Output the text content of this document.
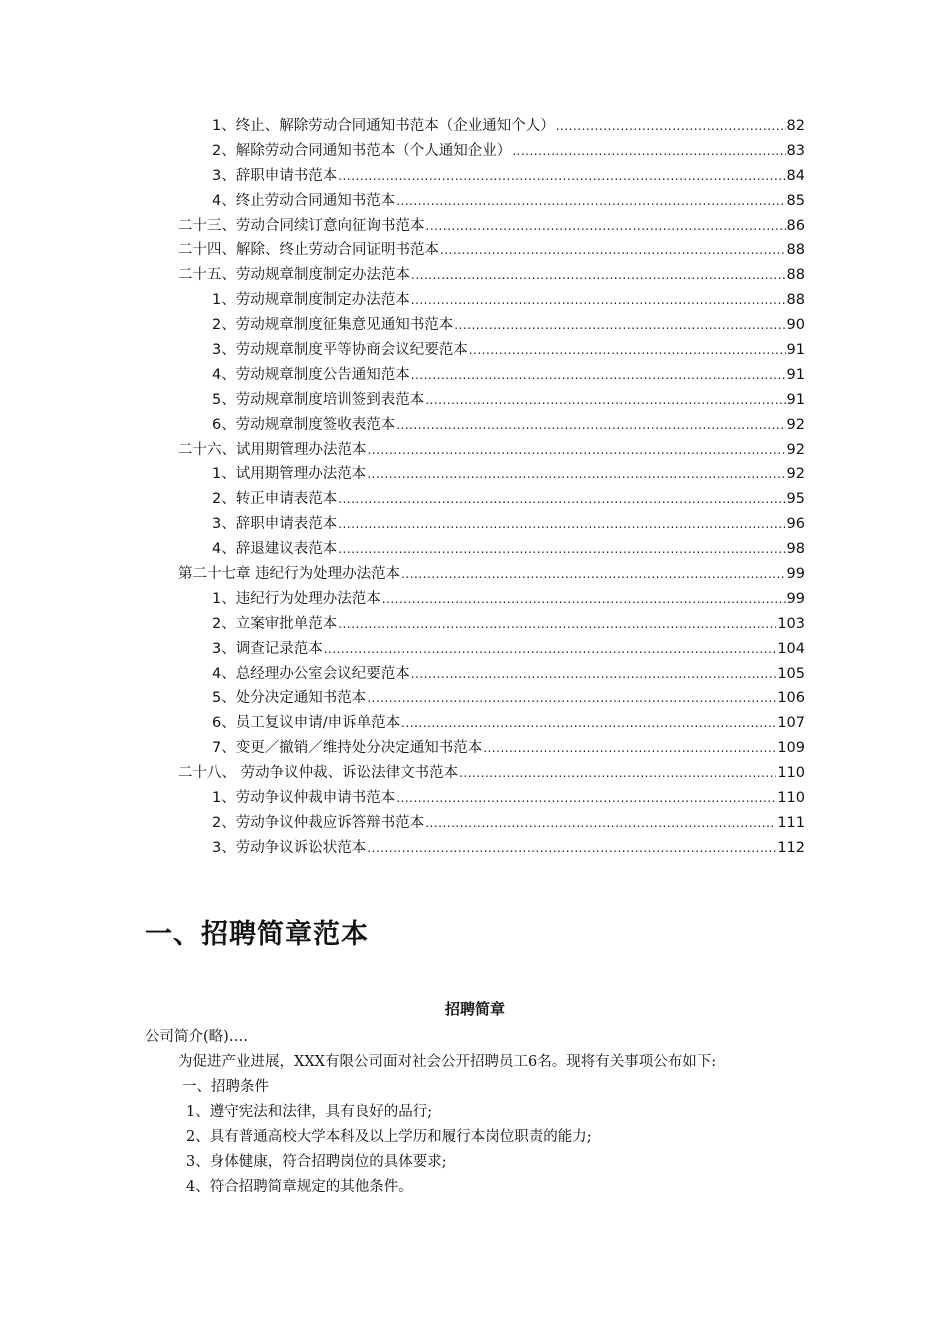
1、终止、解除劳动合同通知书范本（企业通知个人） .....	82
2、解除劳动合同通知书范本（个人通知企业） .....	83
3、辞职申请书范本 .....	84
4、终止劳动合同通知书范本 .....	85
二十三、劳动合同续订意向征询书范本 .....	86
二十四、解除、终止劳动合同证明书范本 .....	88
二十五、劳动规章制度制定办法范本 .....	88
1、劳动规章制度制定办法范本 .....	88
2、劳动规章制度征集意见通知书范本 .....	90
3、劳动规章制度平等协商会议纪要范本 .....	91
4、劳动规章制度公告通知范本 .....	91
5、劳动规章制度培训签到表范本 .....	91
6、劳动规章制度签收表范本 .....	92
二十六、试用期管理办法范本 .....	92
1、试用期管理办法范本 .....	92
2、转正申请表范本 .....	95
3、辞职申请表范本 .....	96
4、辞退建议表范本 .....	98
第二十七章 违纪行为处理办法范本 .....	99
1、违纪行为处理办法范本 .....	99
2、立案审批单范本 .....	103
3、调查记录范本 .....	104
4、总经理办公室会议纪要范本 .....	105
5、处分决定通知书范本 .....	106
6、员工复议申请/申诉单范本 .....	107
7、变更／撤销／维持处分决定通知书范本 .....	109
二十八、 劳动争议仲裁、诉讼法律文书范本 .....	110
1、劳动争议仲裁申请书范本 .....	110
2、劳动争议仲裁应诉答辩书范本 .....	111
3、劳动争议诉讼状范本 .....	112
一、招聘简章范本
招聘简章
公司简介(略)….
为促进产业进展，XXX有限公司面对社会公开招聘员工6名。现将有关事项公布如下:
一、招聘条件
1、遵守宪法和法律，具有良好的品行;
2、具有普通高校大学本科及以上学历和履行本岗位职责的能力;
3、身体健康，符合招聘岗位的具体要求;
4、符合招聘简章规定的其他条件。
